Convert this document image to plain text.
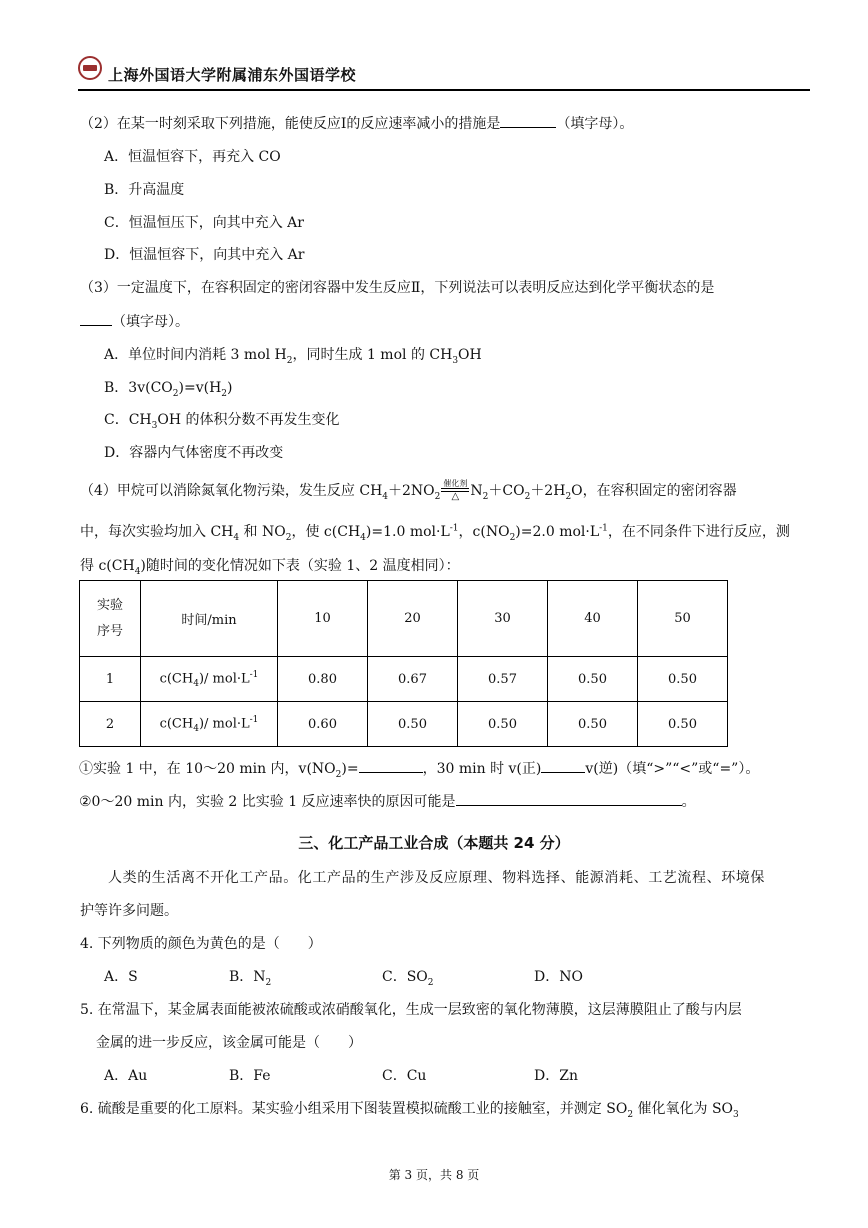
上海外国语大学附属浦东外国语学校
（2）在某一时刻采取下列措施，能使反应Ⅰ的反应速率减小的措施是	（填字母）。
A．恒温恒容下，再充入 CO
B．升高温度
C．恒温恒压下，向其中充入 Ar
D．恒温恒容下，向其中充入 Ar
（3）一定温度下，在容积固定的密闭容器中发生反应Ⅱ，下列说法可以表明反应达到化学平衡状态的是
（填字母）。
A．单位时间内消耗 3 mol $H_2$，同时生成 1 mol 的 $CH_3OH$
B．$3v(CO_2)=v(H_2)$
C．$CH_3OH$ 的体积分数不再发生变化
D．容器内气体密度不再改变
（4）甲烷可以消除氮氧化物污染，发生反应 $CH_4+2NO_2$
催化剂
△ $N_2+CO_2+2H_2O$，在容积固定的密闭容器
中，每次实验均加入 $CH_4$ 和 $NO_2$，使 $c(CH_4)=1.0$ $mol\cdot L^{-1}$，$c(NO_2)=2.0$ $mol\cdot L^{-1}$，在不同条件下进行反应，测
得 $c(CH_4)$随时间的变化情况如下表（实验 1、2 温度相同）：
实验
序号	时间/min	10	20	30	40	50
1	$c(CH_4)/$ $mol\cdot L^{-1}$	0.80	0.67	0.57	0.50	0.50
2	$c(CH_4)/$ $mol\cdot L^{-1}$	0.60	0.50	0.50	0.50	0.50
①实验 1 中，在 10～20 min 内，$v(NO_2)=$	，30 min 时 v(正)	v(逆)（填“>”“<”或“=”）。
②0～20 min 内，实验 2 比实验 1 反应速率快的原因可能是	。
三、化工产品工业合成（本题共 24 分）
人类的生活离不开化工产品。化工产品的生产涉及反应原理、物料选择、能源消耗、工艺流程、环境保
护等许多问题。
4. 下列物质的颜色为黄色的是（　　）
A．S	B．$N_2$	C．$SO_2$	D．NO
5. 在常温下，某金属表面能被浓硫酸或浓硝酸氧化，生成一层致密的氧化物薄膜，这层薄膜阻止了酸与内层
金属的进一步反应，该金属可能是（　　）
A．Au	B．Fe	C．Cu	D．Zn
6. 硫酸是重要的化工原料。某实验小组采用下图装置模拟硫酸工业的接触室，并测定 $SO_2$ 催化氧化为 $SO_3$
第 3 页，共 8 页
